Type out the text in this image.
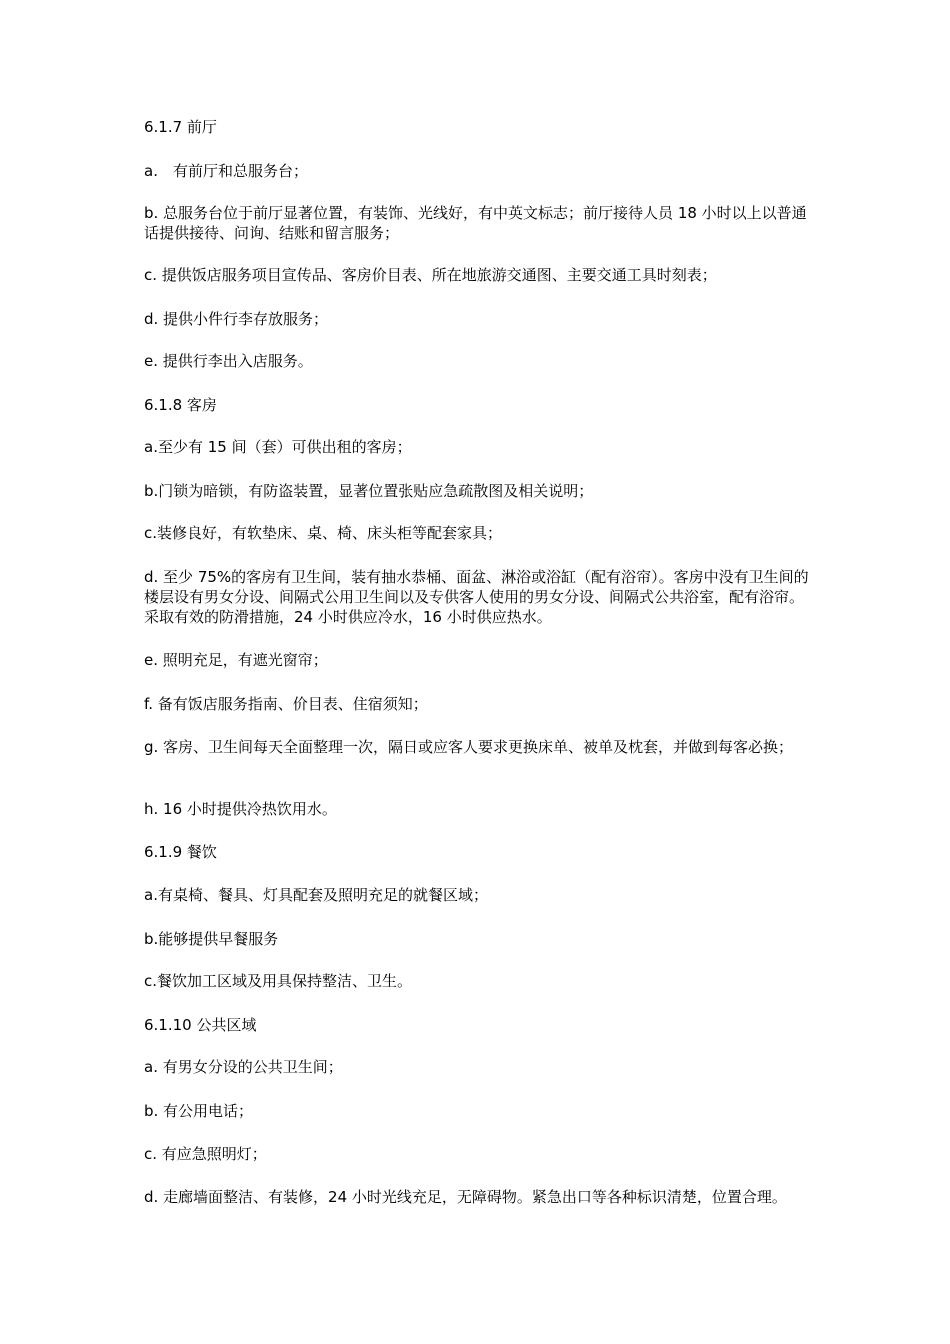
6.1.7 前厅

a.　有前厅和总服务台；

b. 总服务台位于前厅显著位置，有装饰、光线好，有中英文标志；前厅接待人员 18 小时以上以普通话提供接待、问询、结账和留言服务；

c. 提供饭店服务项目宣传品、客房价目表、所在地旅游交通图、主要交通工具时刻表；

d. 提供小件行李存放服务；

e. 提供行李出入店服务。

6.1.8 客房

a.至少有 15 间（套）可供出租的客房；

b.门锁为暗锁，有防盗装置，显著位置张贴应急疏散图及相关说明；

c.装修良好，有软垫床、桌、椅、床头柜等配套家具；

d. 至少 75%的客房有卫生间，装有抽水恭桶、面盆、淋浴或浴缸（配有浴帘）。客房中没有卫生间的楼层设有男女分设、间隔式公用卫生间以及专供客人使用的男女分设、间隔式公共浴室，配有浴帘。采取有效的防滑措施，24 小时供应冷水，16 小时供应热水。

e. 照明充足，有遮光窗帘；

f. 备有饭店服务指南、价目表、住宿须知；

g. 客房、卫生间每天全面整理一次，隔日或应客人要求更换床单、被单及枕套，并做到每客必换；

h. 16 小时提供冷热饮用水。

6.1.9 餐饮

a.有桌椅、餐具、灯具配套及照明充足的就餐区域；

b.能够提供早餐服务

c.餐饮加工区域及用具保持整洁、卫生。

6.1.10 公共区域

a. 有男女分设的公共卫生间；

b. 有公用电话；

c. 有应急照明灯；

d. 走廊墙面整洁、有装修，24 小时光线充足，无障碍物。紧急出口等各种标识清楚，位置合理。
